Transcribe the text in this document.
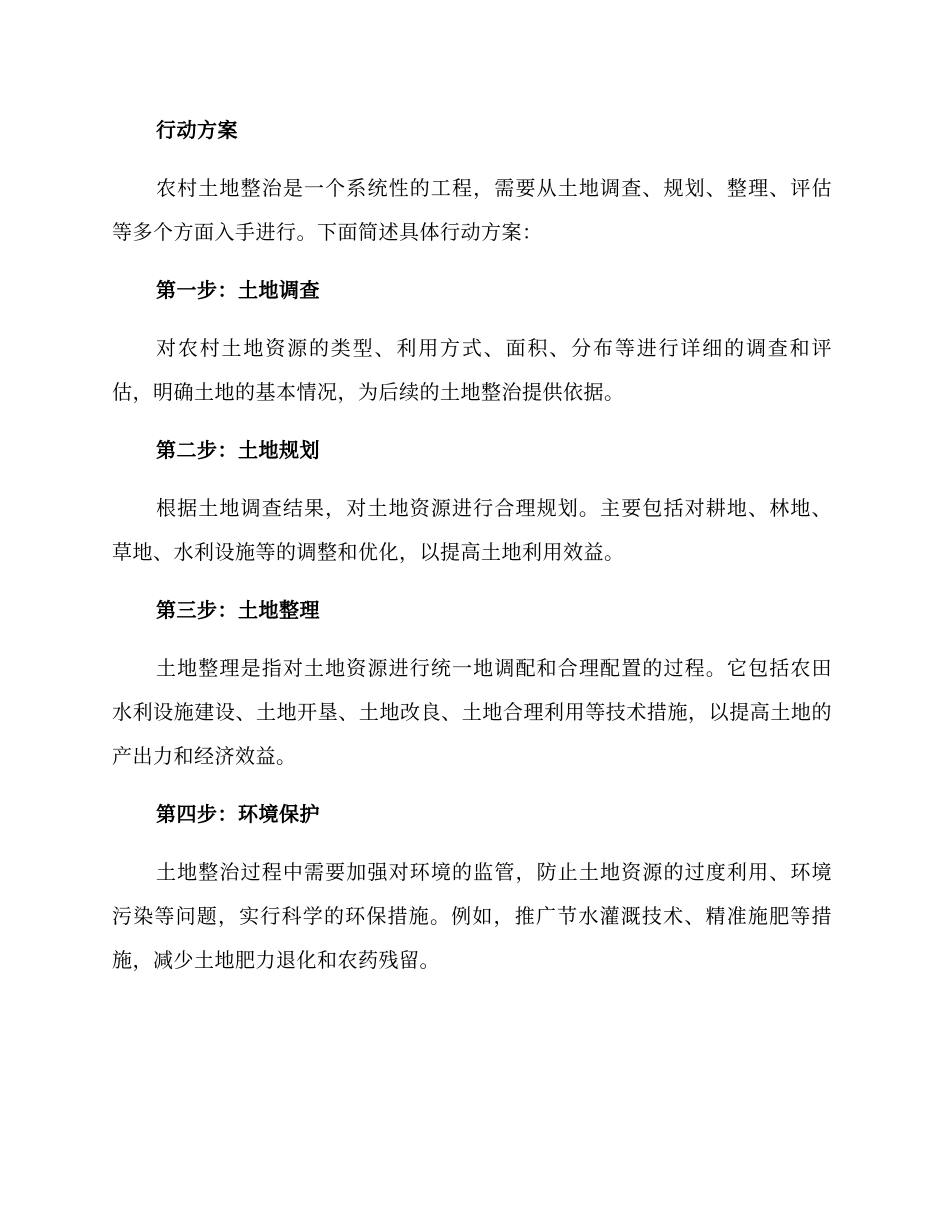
行动方案

农村土地整治是一个系统性的工程，需要从土地调查、规划、整理、评估等多个方面入手进行。下面简述具体行动方案：

第一步：土地调查

对农村土地资源的类型、利用方式、面积、分布等进行详细的调查和评估，明确土地的基本情况，为后续的土地整治提供依据。

第二步：土地规划

根据土地调查结果，对土地资源进行合理规划。主要包括对耕地、林地、草地、水利设施等的调整和优化，以提高土地利用效益。

第三步：土地整理

土地整理是指对土地资源进行统一地调配和合理配置的过程。它包括农田水利设施建设、土地开垦、土地改良、土地合理利用等技术措施，以提高土地的产出力和经济效益。

第四步：环境保护

土地整治过程中需要加强对环境的监管，防止土地资源的过度利用、环境污染等问题，实行科学的环保措施。例如，推广节水灌溉技术、精准施肥等措施，减少土地肥力退化和农药残留。
